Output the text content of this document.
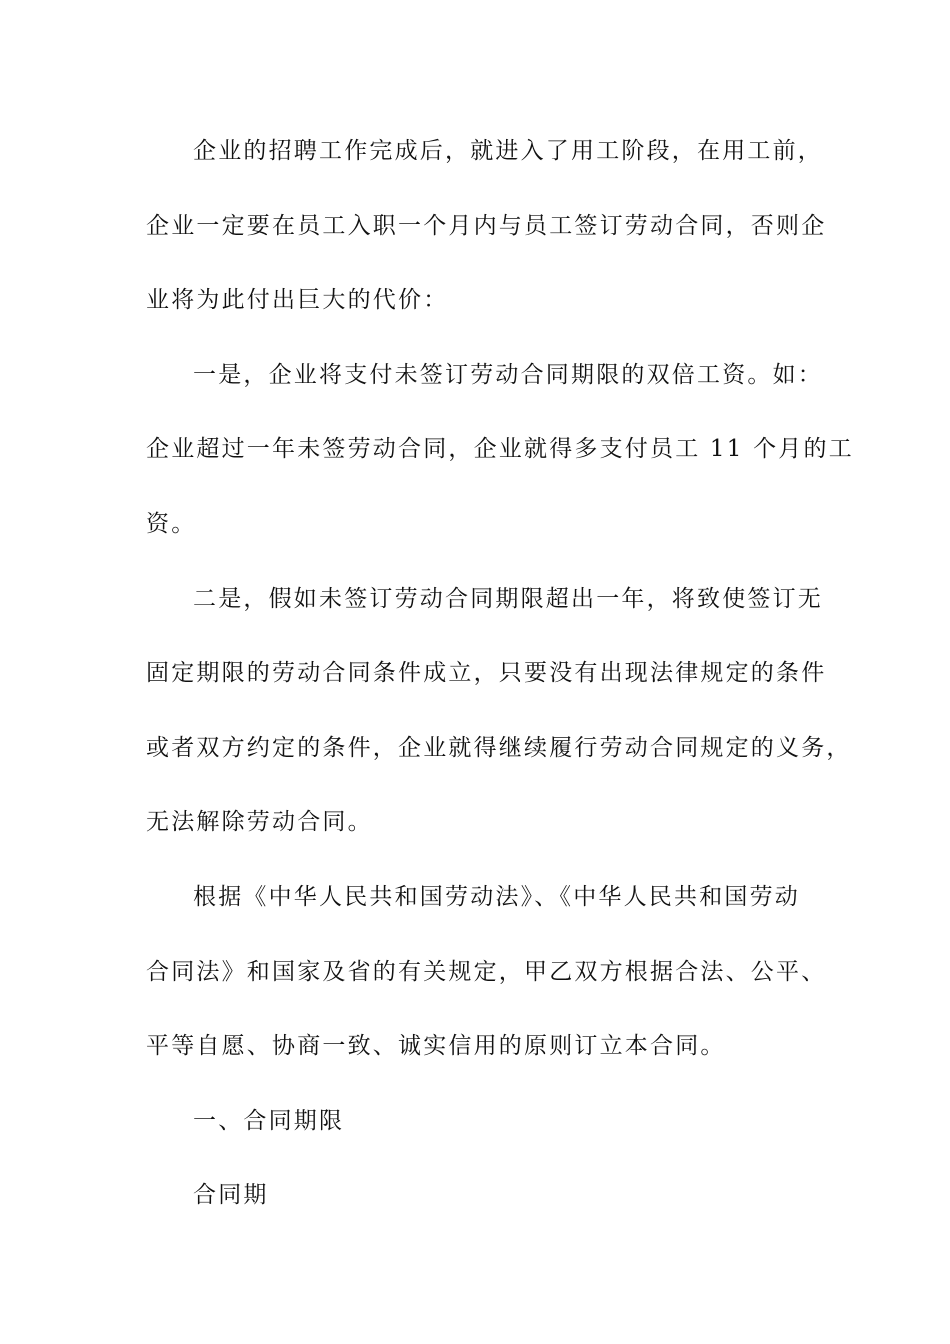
企业的招聘工作完成后，就进入了用工阶段，在用工前，

企业一定要在员工入职一个月内与员工签订劳动合同，否则企

业将为此付出巨大的代价：

一是，企业将支付未签订劳动合同期限的双倍工资。如：

企业超过一年未签劳动合同，企业就得多支付员工 11 个月的工

资。

二是，假如未签订劳动合同期限超出一年，将致使签订无

固定期限的劳动合同条件成立，只要没有出现法律规定的条件

或者双方约定的条件，企业就得继续履行劳动合同规定的义务，

无法解除劳动合同。

根据《中华人民共和国劳动法》、《中华人民共和国劳动

合同法》和国家及省的有关规定，甲乙双方根据合法、公平、

平等自愿、协商一致、诚实信用的原则订立本合同。

一、合同期限

合同期
